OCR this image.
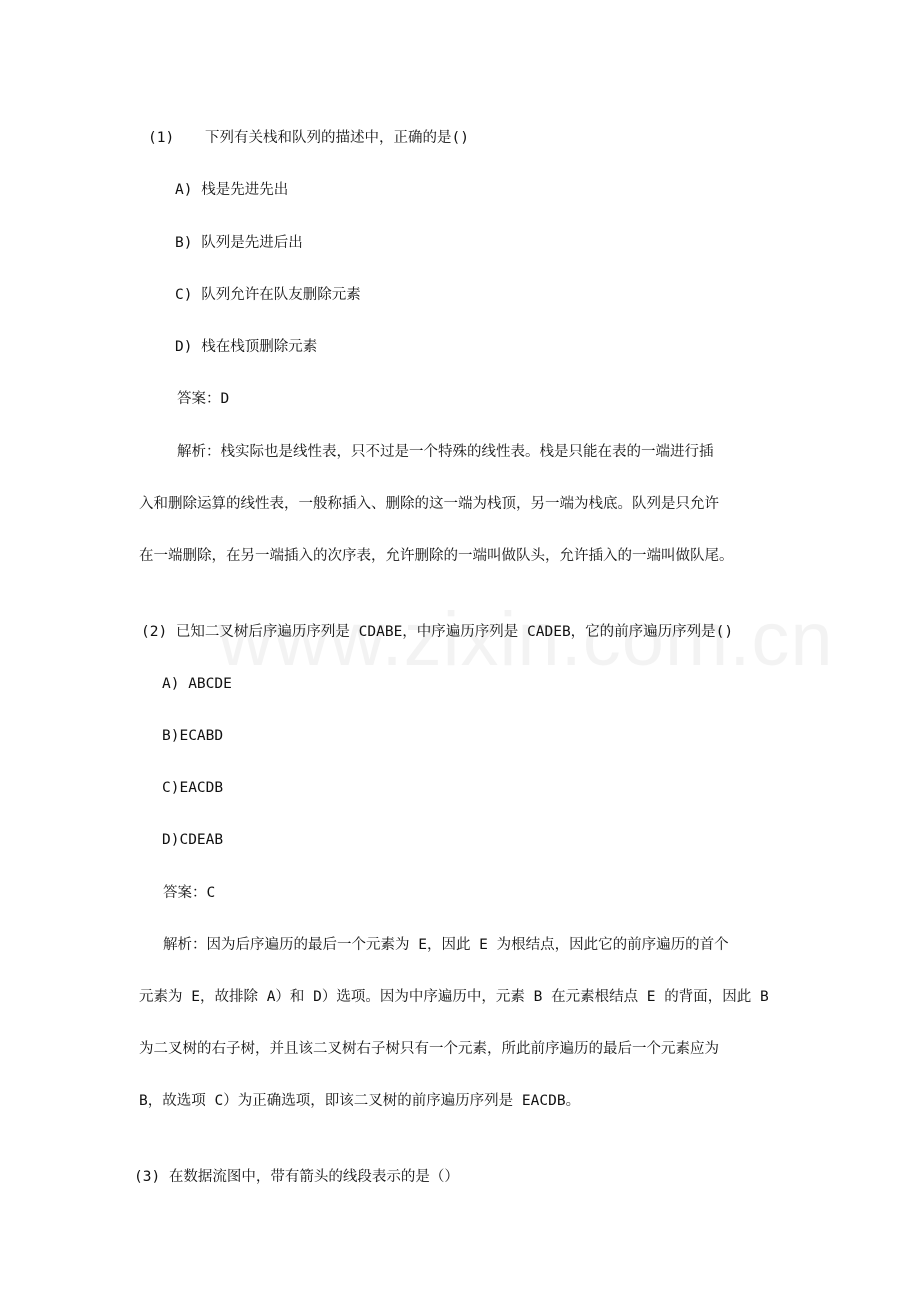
(1) 下列有关栈和队列的描述中，正确的是()
A) 栈是先进先出
B) 队列是先进后出
C) 队列允许在队友删除元素
D) 栈在栈顶删除元素
答案：D
解析：栈实际也是线性表，只不过是一个特殊的线性表。栈是只能在表的一端进行插
入和删除运算的线性表，一般称插入、删除的这一端为栈顶，另一端为栈底。队列是只允许
在一端删除，在另一端插入的次序表，允许删除的一端叫做队头，允许插入的一端叫做队尾。
(2) 已知二叉树后序遍历序列是 CDABE，中序遍历序列是 CADEB，它的前序遍历序列是()
A) ABCDE
B)ECABD
C)EACDB
D)CDEAB
答案：C
解析：因为后序遍历的最后一个元素为 E，因此 E 为根结点，因此它的前序遍历的首个
元素为 E，故排除 A）和 D）选项。因为中序遍历中，元素 B 在元素根结点 E 的背面，因此 B
为二叉树的右子树，并且该二叉树右子树只有一个元素，所此前序遍历的最后一个元素应为
B，故选项 C）为正确选项，即该二叉树的前序遍历序列是 EACDB。
(3) 在数据流图中，带有箭头的线段表示的是（）
